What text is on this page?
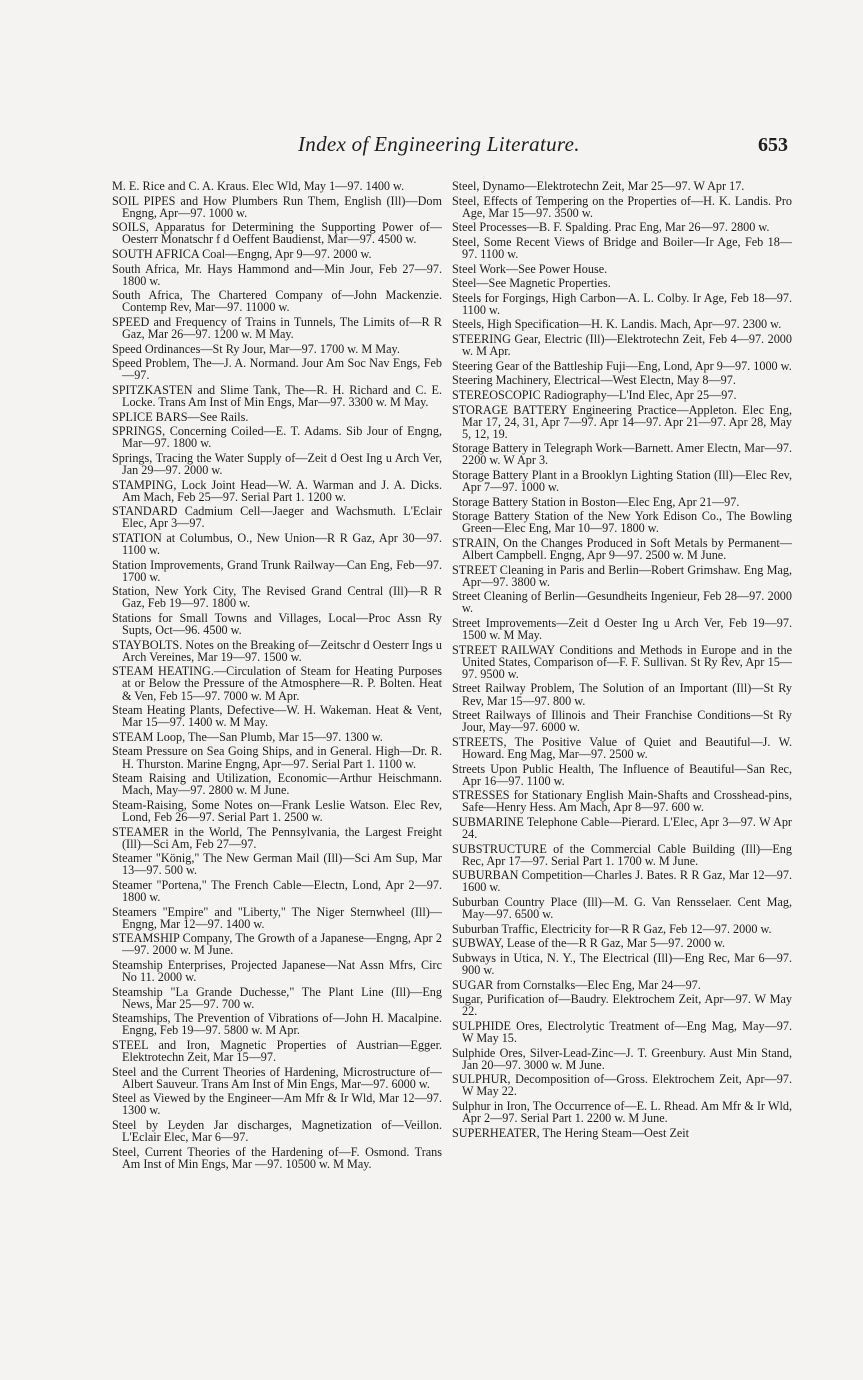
Index of Engineering Literature.	653

M. E. Rice and C. A. Kraus. Elec Wld, May 1—97. 1400 w.

SOIL PIPES and How Plumbers Run Them, English (Ill)—Dom Engng, Apr—97. 1000 w.

SOILS, Apparatus for Determining the Supporting Power of—Oesterr Monatschr f d Oeffent Baudienst, Mar—97. 4500 w.

SOUTH AFRICA Coal—Engng, Apr 9—97. 2000 w.

South Africa, Mr. Hays Hammond and—Min Jour, Feb 27—97. 1800 w.

South Africa, The Chartered Company of—John Mackenzie. Contemp Rev, Mar—97. 11000 w.

SPEED and Frequency of Trains in Tunnels, The Limits of—R R Gaz, Mar 26—97. 1200 w. M May.

Speed Ordinances—St Ry Jour, Mar—97. 1700 w. M May.

Speed Problem, The—J. A. Normand. Jour Am Soc Nav Engs, Feb—97.

SPITZKASTEN and Slime Tank, The—R. H. Richard and C. E. Locke. Trans Am Inst of Min Engs, Mar—97. 3300 w. M May.

SPLICE BARS—See Rails.

SPRINGS, Concerning Coiled—E. T. Adams. Sib Jour of Engng, Mar—97. 1800 w.

Springs, Tracing the Water Supply of—Zeit d Oest Ing u Arch Ver, Jan 29—97. 2000 w.

STAMPING, Lock Joint Head—W. A. Warman and J. A. Dicks. Am Mach, Feb 25—97. Serial Part 1. 1200 w.

STANDARD Cadmium Cell—Jaeger and Wachsmuth. L'Eclair Elec, Apr 3—97.

STATION at Columbus, O., New Union—R R Gaz, Apr 30—97. 1100 w.

Station Improvements, Grand Trunk Railway—Can Eng, Feb—97. 1700 w.

Station, New York City, The Revised Grand Central (Ill)—R R Gaz, Feb 19—97. 1800 w.

Stations for Small Towns and Villages, Local—Proc Assn Ry Supts, Oct—96. 4500 w.

STAYBOLTS. Notes on the Breaking of—Zeitschr d Oesterr Ings u Arch Vereines, Mar 19—97. 1500 w.

STEAM HEATING.—Circulation of Steam for Heating Purposes at or Below the Pressure of the Atmosphere—R. P. Bolten. Heat & Ven, Feb 15—97. 7000 w. M Apr.

Steam Heating Plants, Defective—W. H. Wakeman. Heat & Vent, Mar 15—97. 1400 w. M May.

STEAM Loop, The—San Plumb, Mar 15—97. 1300 w.

Steam Pressure on Sea Going Ships, and in General. High—Dr. R. H. Thurston. Marine Engng, Apr—97. Serial Part 1. 1100 w.

Steam Raising and Utilization, Economic—Arthur Heischmann. Mach, May—97. 2800 w. M June.

Steam-Raising, Some Notes on—Frank Leslie Watson. Elec Rev, Lond, Feb 26—97. Serial Part 1. 2500 w.

STEAMER in the World, The Pennsylvania, the Largest Freight (Ill)—Sci Am, Feb 27—97.

Steamer "König," The New German Mail (Ill)—Sci Am Sup, Mar 13—97. 500 w.

Steamer "Portena," The French Cable—Electn, Lond, Apr 2—97. 1800 w.

Steamers "Empire" and "Liberty," The Niger Sternwheel (Ill)—Engng, Mar 12—97. 1400 w.

STEAMSHIP Company, The Growth of a Japanese—Engng, Apr 2—97. 2000 w. M June.

Steamship Enterprises, Projected Japanese—Nat Assn Mfrs, Circ No 11. 2000 w.

Steamship "La Grande Duchesse," The Plant Line (Ill)—Eng News, Mar 25—97. 700 w.

Steamships, The Prevention of Vibrations of—John H. Macalpine. Engng, Feb 19—97. 5800 w. M Apr.

STEEL and Iron, Magnetic Properties of Austrian—Egger. Elektrotechn Zeit, Mar 15—97.

Steel and the Current Theories of Hardening, Microstructure of—Albert Sauveur. Trans Am Inst of Min Engs, Mar—97. 6000 w.

Steel as Viewed by the Engineer—Am Mfr & Ir Wld, Mar 12—97. 1300 w.

Steel by Leyden Jar discharges, Magnetization of—Veillon. L'Eclair Elec, Mar 6—97.

Steel, Current Theories of the Hardening of—F. Osmond. Trans Am Inst of Min Engs, Mar —97. 10500 w. M May.

Steel, Dynamo—Elektrotechn Zeit, Mar 25—97. W Apr 17.

Steel, Effects of Tempering on the Properties of—H. K. Landis. Pro Age, Mar 15—97. 3500 w.

Steel Processes—B. F. Spalding. Prac Eng, Mar 26—97. 2800 w.

Steel, Some Recent Views of Bridge and Boiler—Ir Age, Feb 18—97. 1100 w.

Steel Work—See Power House.

Steel—See Magnetic Properties.

Steels for Forgings, High Carbon—A. L. Colby. Ir Age, Feb 18—97. 1100 w.

Steels, High Specification—H. K. Landis. Mach, Apr—97. 2300 w.

STEERING Gear, Electric (Ill)—Elektrotechn Zeit, Feb 4—97. 2000 w. M Apr.

Steering Gear of the Battleship Fuji—Eng, Lond, Apr 9—97. 1000 w.

Steering Machinery, Electrical—West Electn, May 8—97.

STEREOSCOPIC Radiography—L'Ind Elec, Apr 25—97.

STORAGE BATTERY Engineering Practice—Appleton. Elec Eng, Mar 17, 24, 31, Apr 7—97. Apr 14—97. Apr 21—97. Apr 28, May 5, 12, 19.

Storage Battery in Telegraph Work—Barnett. Amer Electn, Mar—97. 2200 w. W Apr 3.

Storage Battery Plant in a Brooklyn Lighting Station (Ill)—Elec Rev, Apr 7—97. 1000 w.

Storage Battery Station in Boston—Elec Eng, Apr 21—97.

Storage Battery Station of the New York Edison Co., The Bowling Green—Elec Eng, Mar 10—97. 1800 w.

STRAIN, On the Changes Produced in Soft Metals by Permanent—Albert Campbell. Engng, Apr 9—97. 2500 w. M June.

STREET Cleaning in Paris and Berlin—Robert Grimshaw. Eng Mag, Apr—97. 3800 w.

Street Cleaning of Berlin—Gesundheits Ingenieur, Feb 28—97. 2000 w.

Street Improvements—Zeit d Oester Ing u Arch Ver, Feb 19—97. 1500 w. M May.

STREET RAILWAY Conditions and Methods in Europe and in the United States, Comparison of—F. F. Sullivan. St Ry Rev, Apr 15—97. 9500 w.

Street Railway Problem, The Solution of an Important (Ill)—St Ry Rev, Mar 15—97. 800 w.

Street Railways of Illinois and Their Franchise Conditions—St Ry Jour, May—97. 6000 w.

STREETS, The Positive Value of Quiet and Beautiful—J. W. Howard. Eng Mag, Mar—97. 2500 w.

Streets Upon Public Health, The Influence of Beautiful—San Rec, Apr 16—97. 1100 w.

STRESSES for Stationary English Main-Shafts and Crosshead-pins, Safe—Henry Hess. Am Mach, Apr 8—97. 600 w.

SUBMARINE Telephone Cable—Pierard. L'Elec, Apr 3—97. W Apr 24.

SUBSTRUCTURE of the Commercial Cable Building (Ill)—Eng Rec, Apr 17—97. Serial Part 1. 1700 w. M June.

SUBURBAN Competition—Charles J. Bates. R R Gaz, Mar 12—97. 1600 w.

Suburban Country Place (Ill)—M. G. Van Rensselaer. Cent Mag, May—97. 6500 w.

Suburban Traffic, Electricity for—R R Gaz, Feb 12—97. 2000 w.

SUBWAY, Lease of the—R R Gaz, Mar 5—97. 2000 w.

Subways in Utica, N. Y., The Electrical (Ill)—Eng Rec, Mar 6—97. 900 w.

SUGAR from Cornstalks—Elec Eng, Mar 24—97.

Sugar, Purification of—Baudry. Elektrochem Zeit, Apr—97. W May 22.

SULPHIDE Ores, Electrolytic Treatment of—Eng Mag, May—97. W May 15.

Sulphide Ores, Silver-Lead-Zinc—J. T. Greenbury. Aust Min Stand, Jan 20—97. 3000 w. M June.

SULPHUR, Decomposition of—Gross. Elektrochem Zeit, Apr—97. W May 22.

Sulphur in Iron, The Occurrence of—E. L. Rhead. Am Mfr & Ir Wld, Apr 2—97. Serial Part 1. 2200 w. M June.

SUPERHEATER, The Hering Steam—Oest Zeit
